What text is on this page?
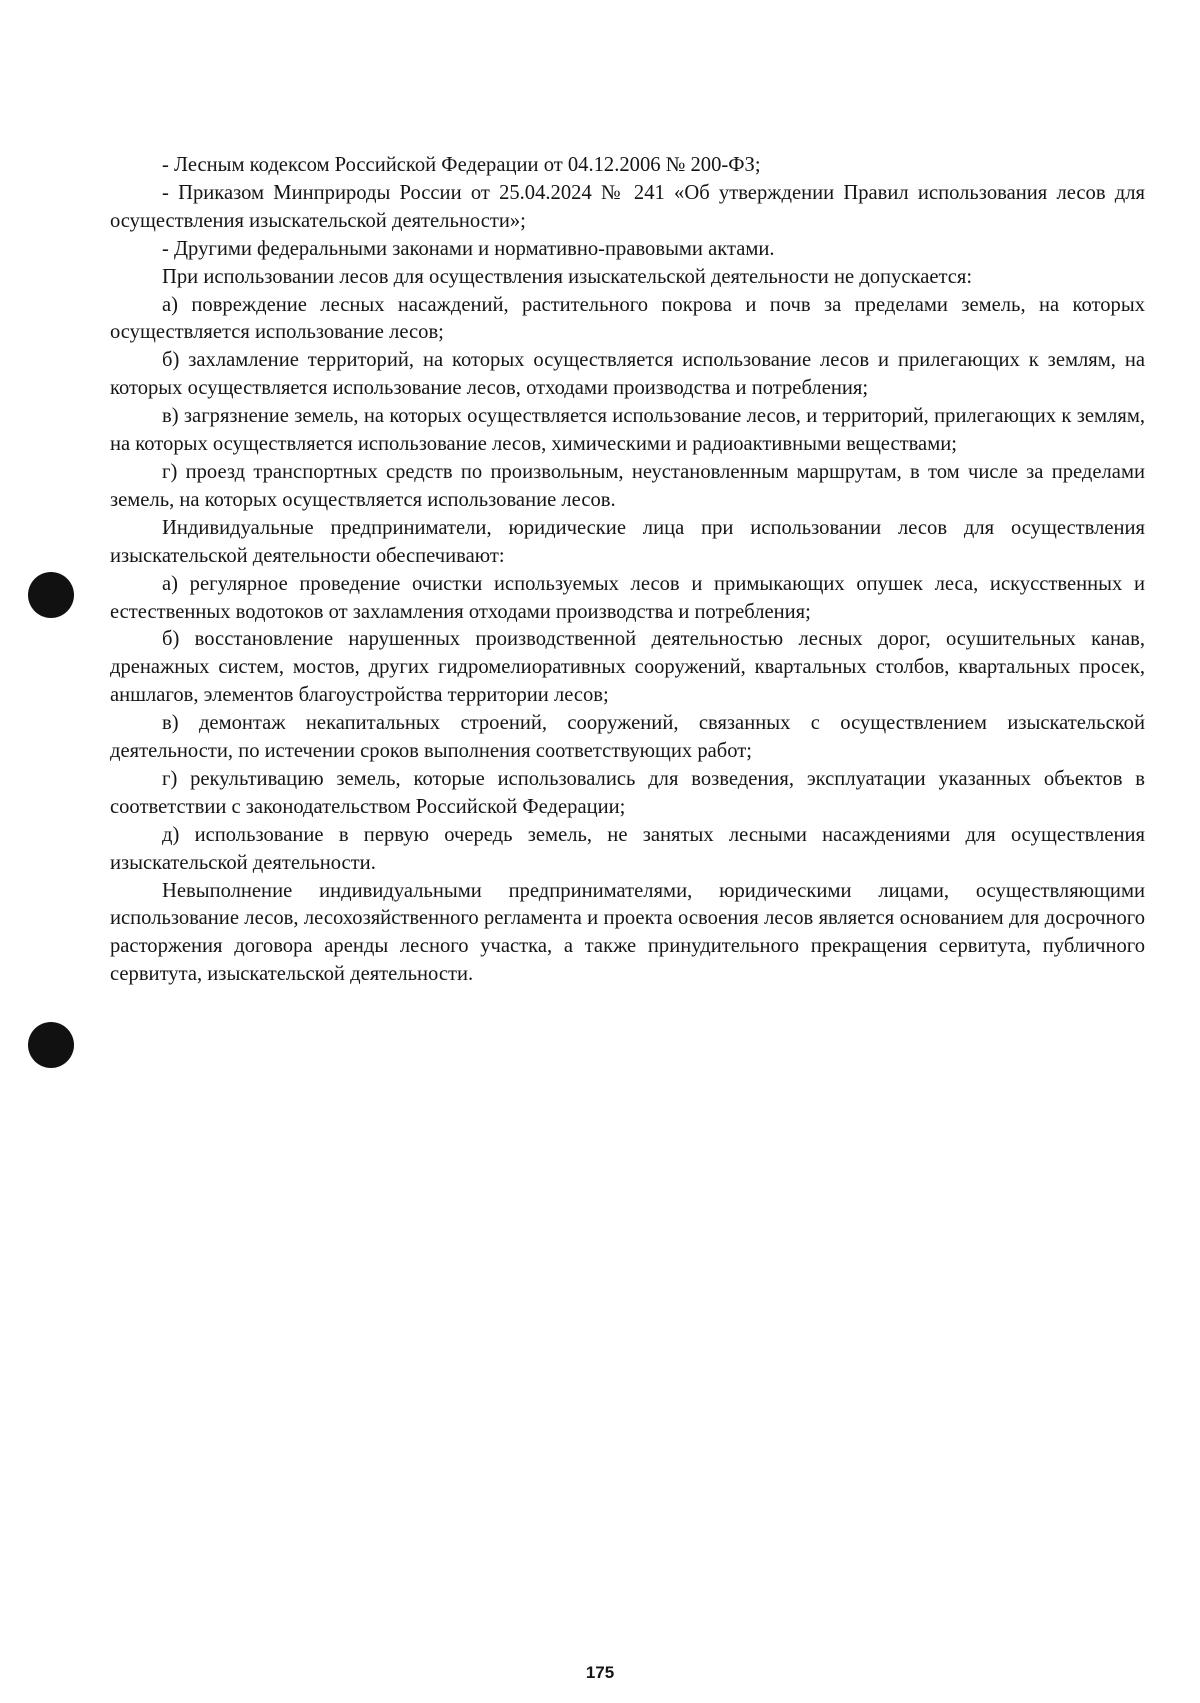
- Лесным кодексом Российской Федерации от 04.12.2006 № 200-ФЗ;

- Приказом Минприроды России от 25.04.2024 № 241 «Об утверждении Правил использования лесов для осуществления изыскательской деятельности»;

- Другими федеральными законами и нормативно-правовыми актами.

При использовании лесов для осуществления изыскательской деятельности не допускается:

а) повреждение лесных насаждений, растительного покрова и почв за пределами земель, на которых осуществляется использование лесов;

б) захламление территорий, на которых осуществляется использование лесов и прилегающих к землям, на которых осуществляется использование лесов, отходами производства и потребления;

в) загрязнение земель, на которых осуществляется использование лесов, и территорий, прилегающих к землям, на которых осуществляется использование лесов, химическими и радиоактивными веществами;

г) проезд транспортных средств по произвольным, неустановленным маршрутам, в том числе за пределами земель, на которых осуществляется использование лесов.

Индивидуальные предприниматели, юридические лица при использовании лесов для осуществления изыскательской деятельности обеспечивают:

а) регулярное проведение очистки используемых лесов и примыкающих опушек леса, искусственных и естественных водотоков от захламления отходами производства и потребления;

б) восстановление нарушенных производственной деятельностью лесных дорог, осушительных канав, дренажных систем, мостов, других гидромелиоративных сооружений, квартальных столбов, квартальных просек, аншлагов, элементов благоустройства территории лесов;

в) демонтаж некапитальных строений, сооружений, связанных с осуществлением изыскательской деятельности, по истечении сроков выполнения соответствующих работ;

г) рекультивацию земель, которые использовались для возведения, эксплуатации указанных объектов в соответствии с законодательством Российской Федерации;

д) использование в первую очередь земель, не занятых лесными насаждениями для осуществления изыскательской деятельности.

Невыполнение индивидуальными предпринимателями, юридическими лицами, осуществляющими использование лесов, лесохозяйственного регламента и проекта освоения лесов является основанием для досрочного расторжения договора аренды лесного участка, а также принудительного прекращения сервитута, публичного сервитута, изыскательской деятельности.

175
